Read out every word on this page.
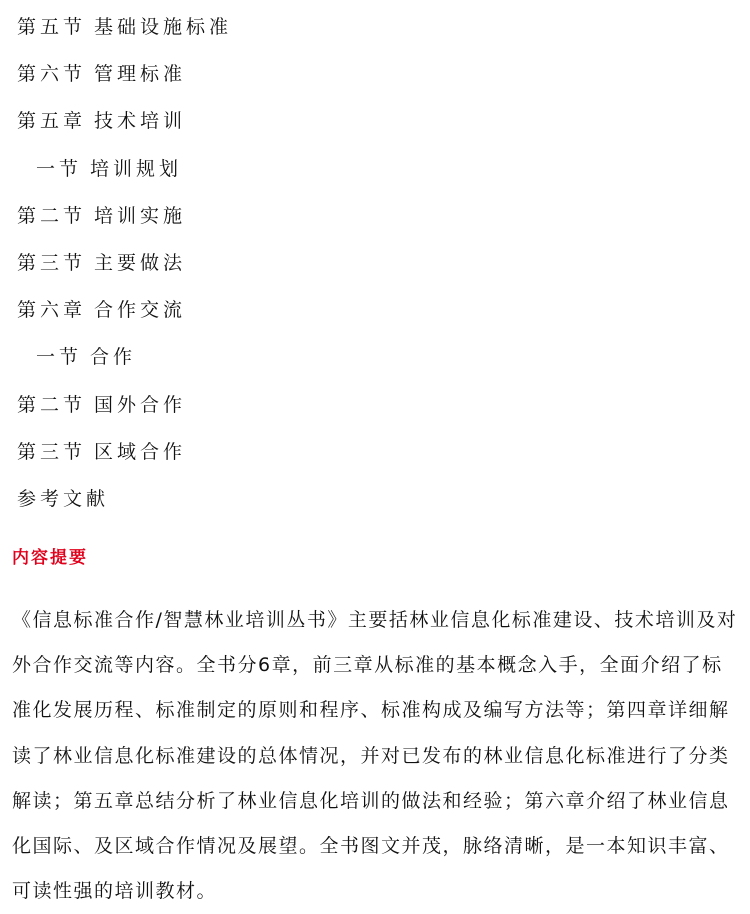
第五节 基础设施标准
第六节 管理标准
第五章 技术培训
一节 培训规划
第二节 培训实施
第三节 主要做法
第六章 合作交流
一节 合作
第二节 国外合作
第三节 区域合作
参考文献
内容提要

《信息标准合作/智慧林业培训丛书》主要括林业信息化标准建设、技术培训及对外合作交流等内容。全书分6章，前三章从标准的基本概念入手，全面介绍了标准化发展历程、标准制定的原则和程序、标准构成及编写方法等；第四章详细解读了林业信息化标准建设的总体情况，并对已发布的林业信息化标准进行了分类解读；第五章总结分析了林业信息化培训的做法和经验；第六章介绍了林业信息化国际、及区域合作情况及展望。全书图文并茂，脉络清晰，是一本知识丰富、可读性强的培训教材。
